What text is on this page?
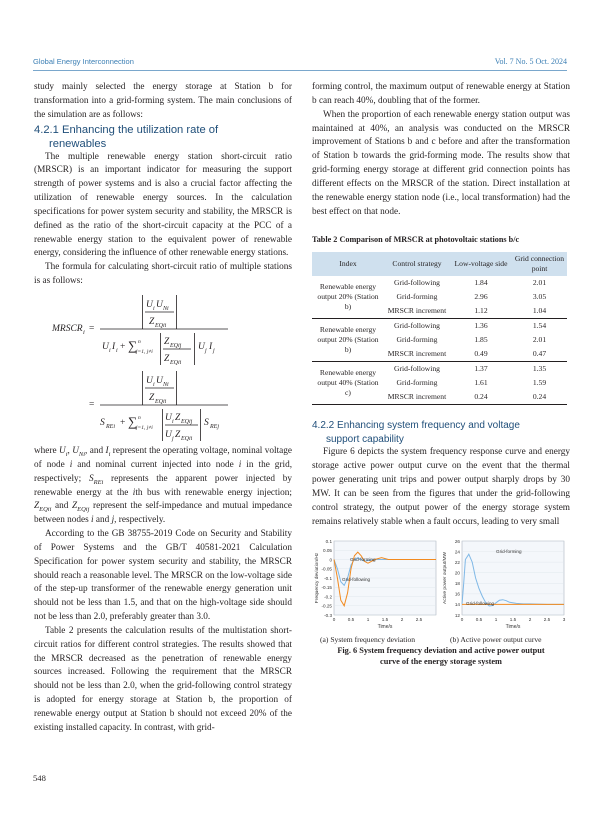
Global Energy Interconnection	Vol. 7 No. 5 Oct. 2024

study mainly selected the energy storage at Station b for transformation into a grid-forming system. The main conclusions of the simulation are as follows:

4.2.1 Enhancing the utilization rate of
renewables

The multiple renewable energy station short-circuit ratio (MRSCR) is an important indicator for measuring the support strength of power systems and is also a crucial factor affecting the utilization of renewable energy sources. In the calculation specifications for power system security and stability, the MRSCR is defined as the ratio of the short-circuit capacity at the PCC of a renewable energy station to the equivalent power of renewable energy, considering the influence of other renewable energy stations.

The formula for calculating short-circuit ratio of multiple stations is as follows:

MRSCR i =
U i U Ni
Z EQii
U i I i + ∑ n
j=1, j≠i
Z EQij
Z EQii
U j I j
=
U i U Ni
Z EQii
S REi + ∑ n
j=1, j≠i
U i Z EQij
U j Z EQii
S REj

where $U_i$, $U_{Ni}$, and $I_i$ represent the operating voltage, nominal voltage of node i and nominal current injected into node i in the grid, respectively; $S_{REi}$ represents the apparent power injected by renewable energy at the ith bus with renewable energy injection; $Z_{EQii}$ and $Z_{EQij}$ represent the self-impedance and mutual impedance between nodes i and j, respectively.

According to the GB 38755-2019 Code on Security and Stability of Power Systems and the GB/T 40581-2021 Calculation Specification for power system security and stability, the MRSCR should reach a reasonable level. The MRSCR on the low-voltage side of the step-up transformer of the renewable energy generation unit should not be less than 1.5, and that on the high-voltage side should not be less than 2.0, preferably greater than 3.0.

Table 2 presents the calculation results of the multistation short-circuit ratios for different control strategies. The results showed that the MRSCR decreased as the penetration of renewable energy sources increased. Following the requirement that the MRSCR should not be less than 2.0, when the grid-following control strategy is adopted for energy storage at Station b, the proportion of renewable energy output at Station b should not exceed 20% of the existing installed capacity. In contrast, with grid-

forming control, the maximum output of renewable energy at Station b can reach 40%, doubling that of the former.

When the proportion of each renewable energy station output was maintained at 40%, an analysis was conducted on the MRSCR improvement of Stations b and c before and after the transformation of Station b towards the grid-forming mode. The results show that grid-forming energy storage at different grid connection points has different effects on the MRSCR of the station. Direct installation at the renewable energy station node (i.e., local transformation) had the best effect on that node.

Table 2 Comparison of MRSCR at photovoltaic stations b/c

Index	Control strategy	Low-voltage side	Grid connection point
Renewable energy output 20% (Station b)	Grid-following	1.84	2.01
	Grid-forming	2.96	3.05
	MRSCR increment	1.12	1.04
Renewable energy output 20% (Station b)	Grid-following	1.36	1.54
	Grid-forming	1.85	2.01
	MRSCR increment	0.49	0.47
Renewable energy output 40% (Station c)	Grid-following	1.37	1.35
	Grid-forming	1.61	1.59
	MRSCR increment	0.24	0.24
4.2.2 Enhancing system frequency and voltage
support capability

Figure 6 depicts the system frequency response curve and energy storage active power output curve on the event that the thermal power generating unit trips and power output sharply drops by 30 MW. It can be seen from the figures that under the grid-following control strategy, the output power of the energy storage system remains relatively stable when a fault occurs, leading to very small

0.1
0.05
0
-0.05
-0.1
-0.15
-0.2
-0.25
-0.3
0	0.5	1	1.5	2	2.5
Time/s
Frequency deviation/Hz	Grid-forming
Grid-following
26
24
22
20
18
16
14
12
0	0.5	1	1.5	2	2.5	3
Time/s
Active power output/MW
Grid-forming
Grid-following
(a) System frequency deviation	(b) Active power output curve

Fig. 6 System frequency deviation and active power output
curve of the energy storage system

548
